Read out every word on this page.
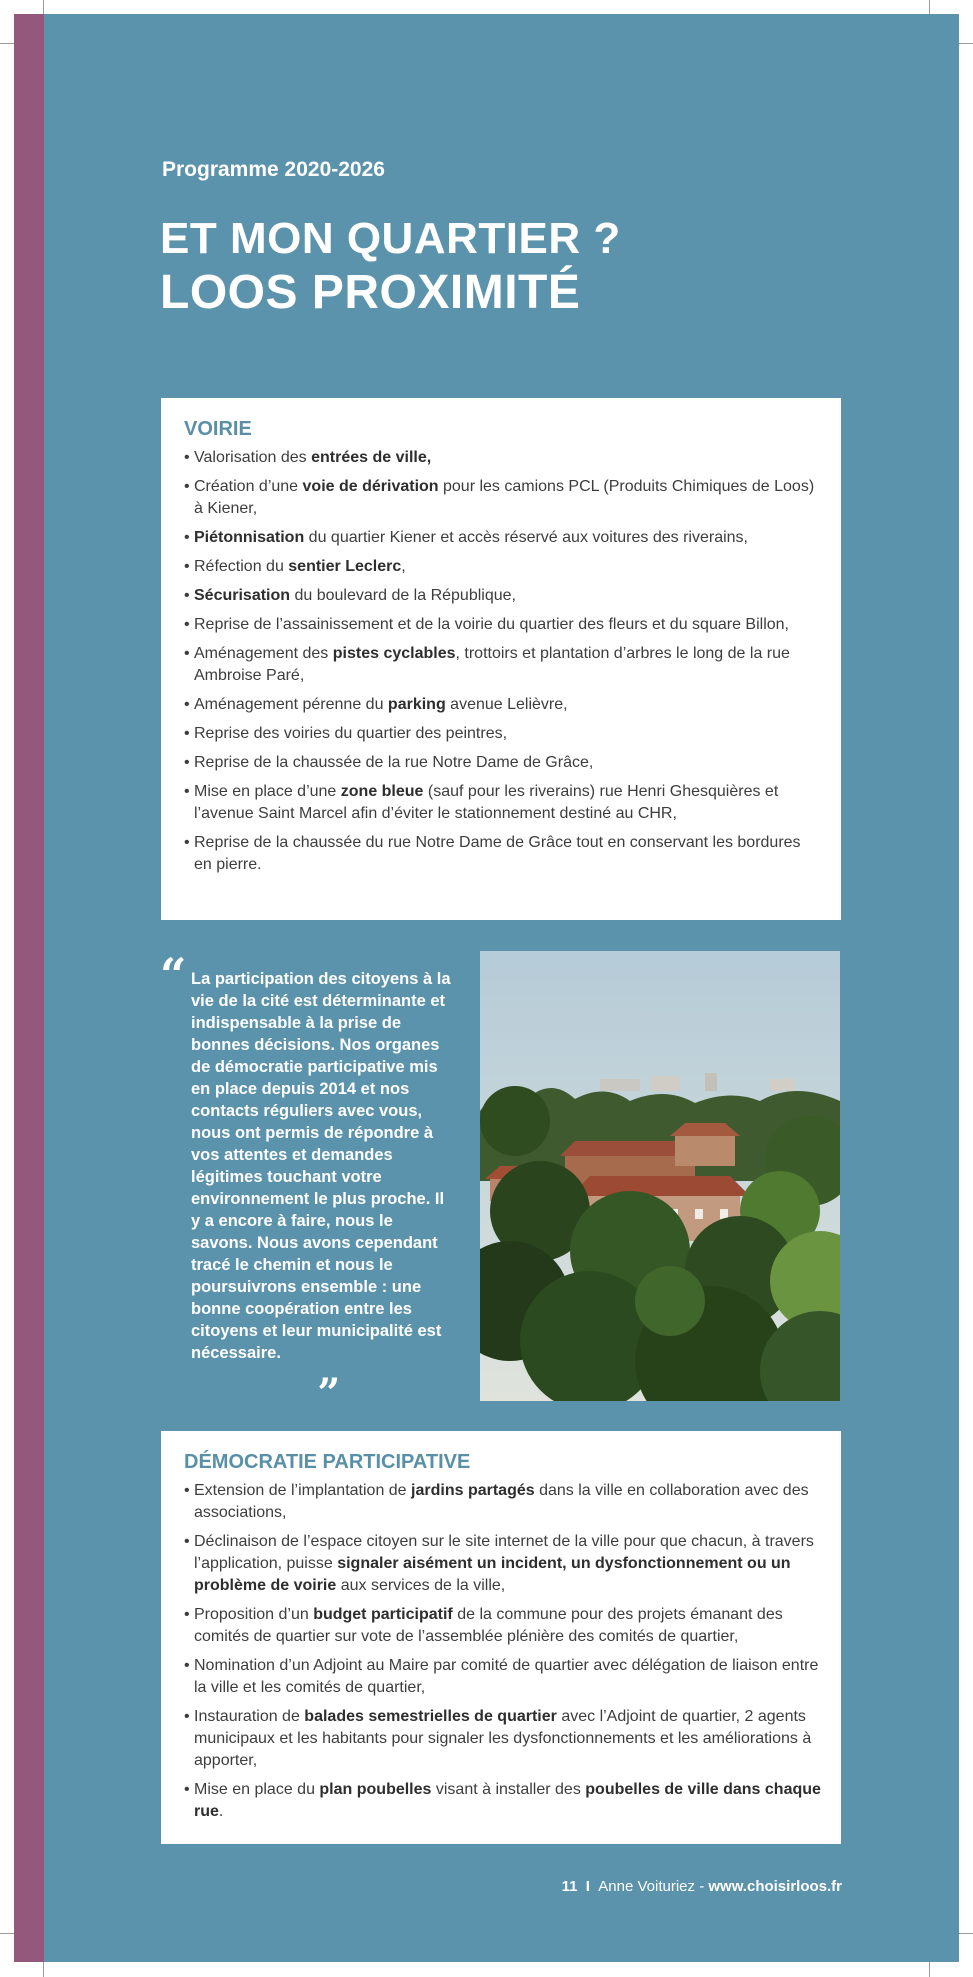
Programme 2020-2026
ET MON QUARTIER ?
LOOS PROXIMITÉ
VOIRIE
• Valorisation des entrées de ville,
• Création d’une voie de dérivation pour les camions PCL (Produits Chimiques de Loos) à Kiener,
• Piétonnisation du quartier Kiener et accès réservé aux voitures des riverains,
• Réfection du sentier Leclerc,
• Sécurisation du boulevard de la République,
• Reprise de l’assainissement et de la voirie du quartier des fleurs et du square Billon,
• Aménagement des pistes cyclables, trottoirs et plantation d’arbres le long de la rue Ambroise Paré,
• Aménagement pérenne du parking avenue Lelièvre,
• Reprise des voiries du quartier des peintres,
• Reprise de la chaussée de la rue Notre Dame de Grâce,
• Mise en place d’une zone bleue (sauf pour les riverains) rue Henri Ghesquières et l’avenue Saint Marcel afin d’éviter le stationnement destiné au CHR,
• Reprise de la chaussée du rue Notre Dame de Grâce tout en conservant les bordures en pierre.
“ La participation des citoyens à la vie de la cité est déterminante et indispensable à la prise de bonnes décisions. Nos organes de démocratie participative mis en place depuis 2014 et nos contacts réguliers avec vous, nous ont permis de répondre à vos attentes et demandes légitimes touchant votre environnement le plus proche. Il y a encore à faire, nous le savons. Nous avons cependant tracé le chemin et nous le poursuivrons ensemble : une bonne coopération entre les citoyens et leur municipalité est nécessaire. „
DÉMOCRATIE PARTICIPATIVE
• Extension de l’implantation de jardins partagés dans la ville en collaboration avec des associations,
• Déclinaison de l’espace citoyen sur le site internet de la ville pour que chacun, à travers l’application, puisse signaler aisément un incident, un dysfonctionnement ou un problème de voirie aux services de la ville,
• Proposition d’un budget participatif de la commune pour des projets émanant des comités de quartier sur vote de l’assemblée plénière des comités de quartier,
• Nomination d’un Adjoint au Maire par comité de quartier avec délégation de liaison entre la ville et les comités de quartier,
• Instauration de balades semestrielles de quartier avec l’Adjoint de quartier, 2 agents municipaux et les habitants pour signaler les dysfonctionnements et les améliorations à apporter,
• Mise en place du plan poubelles visant à installer des poubelles de ville dans chaque rue.

11 I Anne Voituriez - www.choisirloos.fr
